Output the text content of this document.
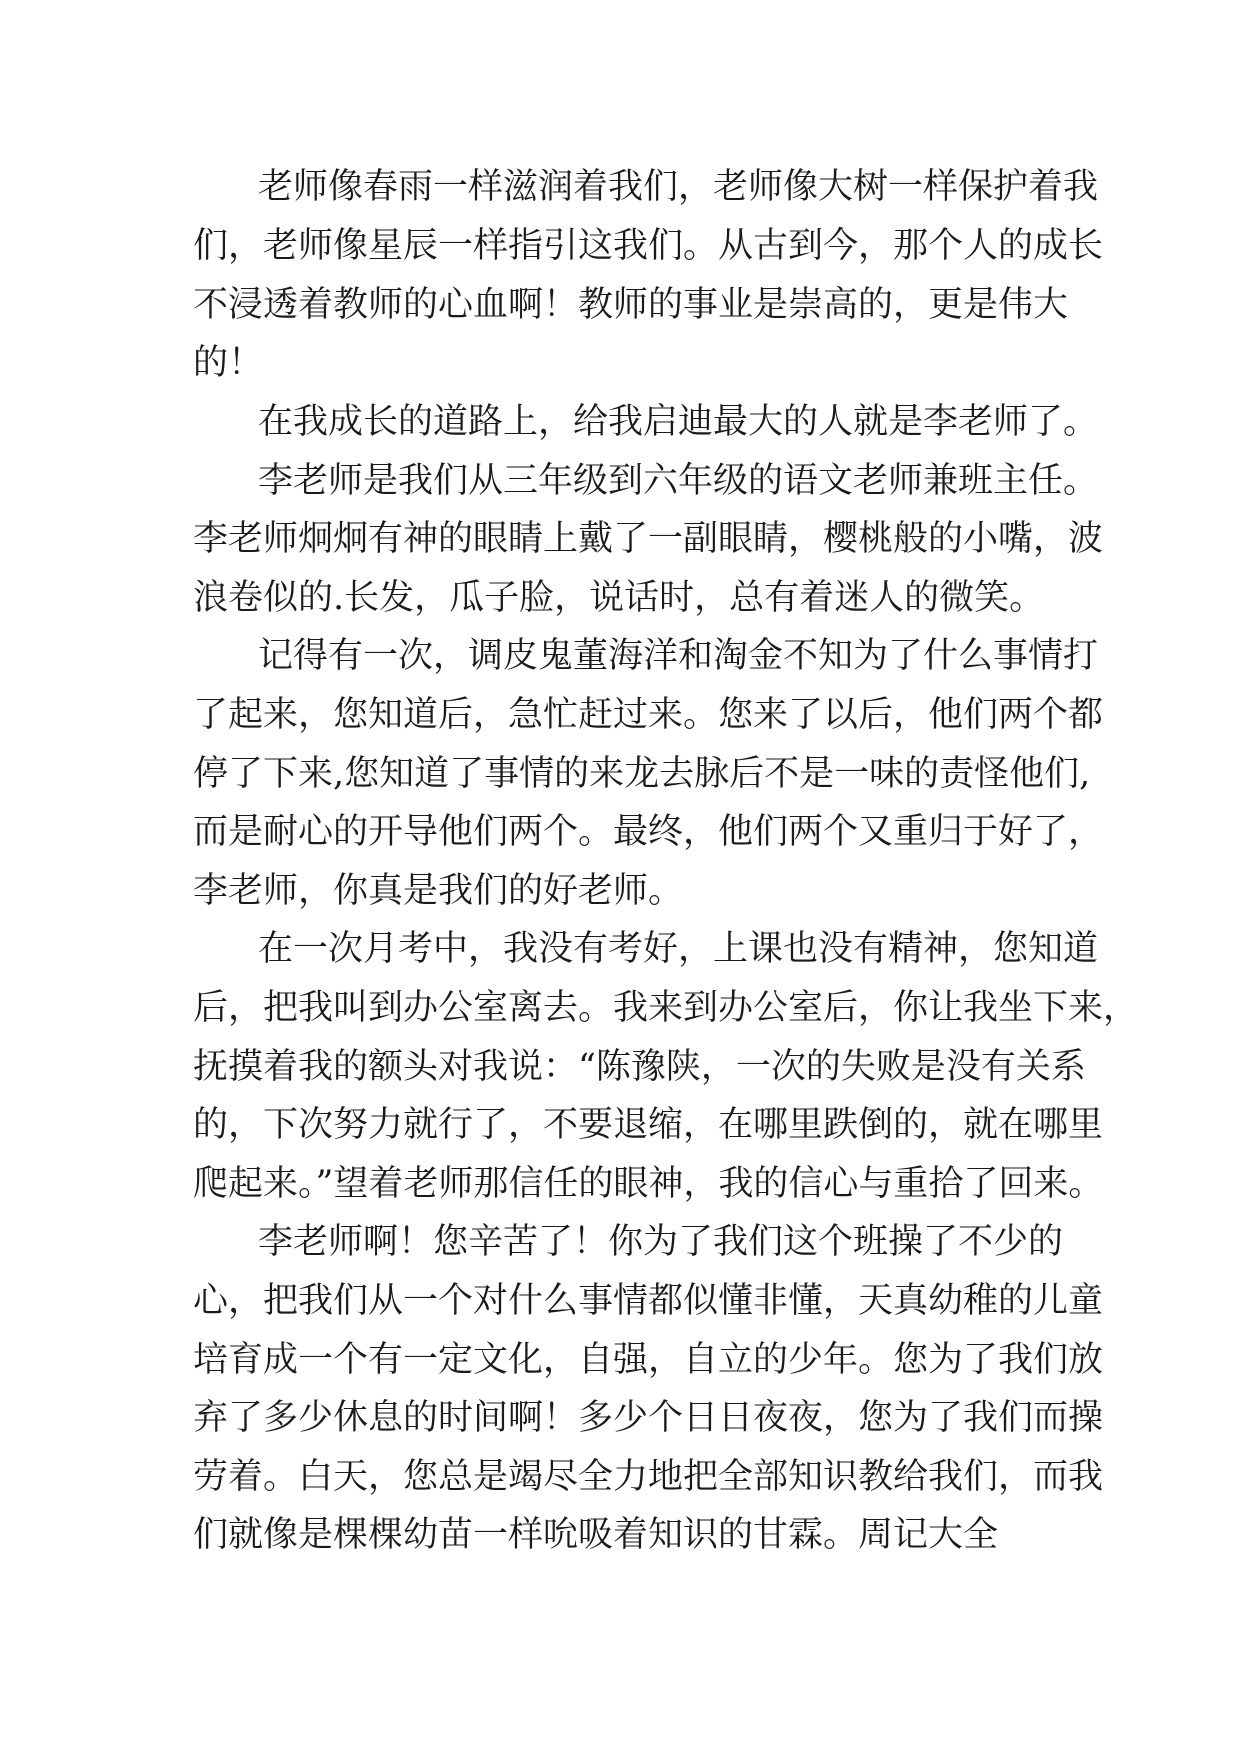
老师像春雨一样滋润着我们，老师像大树一样保护着我
们，老师像星辰一样指引这我们。从古到今，那个人的成长
不浸透着教师的心血啊！教师的事业是崇高的，更是伟大
的！
在我成长的道路上，给我启迪最大的人就是李老师了。
李老师是我们从三年级到六年级的语文老师兼班主任。
李老师炯炯有神的眼睛上戴了一副眼睛，樱桃般的小嘴，波
浪卷似的.长发，瓜子脸，说话时，总有着迷人的微笑。
记得有一次，调皮鬼董海洋和淘金不知为了什么事情打
了起来，您知道后，急忙赶过来。您来了以后，他们两个都
停了下来,您知道了事情的来龙去脉后不是一味的责怪他们,
而是耐心的开导他们两个。最终，他们两个又重归于好了，
李老师，你真是我们的好老师。
在一次月考中，我没有考好，上课也没有精神，您知道
后，把我叫到办公室离去。我来到办公室后，你让我坐下来，
抚摸着我的额头对我说：“陈豫陕，一次的失败是没有关系
的，下次努力就行了，不要退缩，在哪里跌倒的，就在哪里
爬起来。”望着老师那信任的眼神，我的信心与重拾了回来。
李老师啊！您辛苦了！你为了我们这个班操了不少的
心，把我们从一个对什么事情都似懂非懂，天真幼稚的儿童
培育成一个有一定文化，自强，自立的少年。您为了我们放
弃了多少休息的时间啊！多少个日日夜夜，您为了我们而操
劳着。白天，您总是竭尽全力地把全部知识教给我们，而我
们就像是棵棵幼苗一样吮吸着知识的甘霖。周记大全
